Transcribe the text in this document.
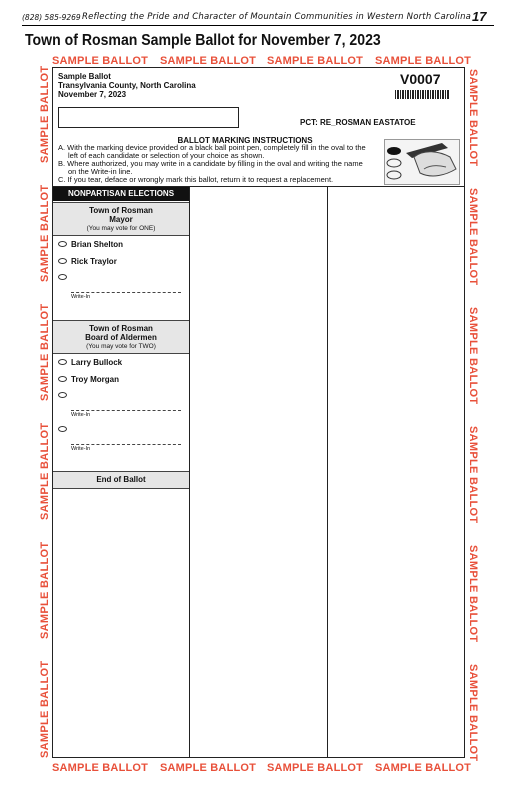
(828) 585-9269 Reflecting the Pride and Character of Mountain Communities in Western North Carolina 17
Town of Rosman Sample Ballot for November 7, 2023
SAMPLE BALLOT SAMPLE BALLOT SAMPLE BALLOT SAMPLE BALLOT
SAMPLE BALLOT SAMPLE BALLOT SAMPLE BALLOT SAMPLE BALLOT
SAMPLE BALLOT
SAMPLE BALLOT
SAMPLE BALLOT
SAMPLE BALLOT
SAMPLE BALLOT
SAMPLE BALLOT
SAMPLE BALLOT
SAMPLE BALLOT
SAMPLE BALLOT
SAMPLE BALLOT
SAMPLE BALLOT
SAMPLE BALLOT
Sample Ballot
Transylvania County, North Carolina
November 7, 2023
V0007
PCT: RE_ROSMAN EASTATOE
BALLOT MARKING INSTRUCTIONS
A. With the marking device provided or a black ball point pen, completely fill in the oval to the
left of each candidate or selection of your choice as shown.
B. Where authorized, you may write in a candidate by filling in the oval and writing the name
on the Write-in line.
C. If you tear, deface or wrongly mark this ballot, return it to request a replacement.
NONPARTISAN ELECTIONS
Town of Rosman
Mayor
(You may vote for ONE)
Brian Shelton
Rick Traylor
Write-In
Town of Rosman
Board of Aldermen
(You may vote for TWO)
Larry Bullock
Troy Morgan
Write-In
Write-In
End of Ballot
